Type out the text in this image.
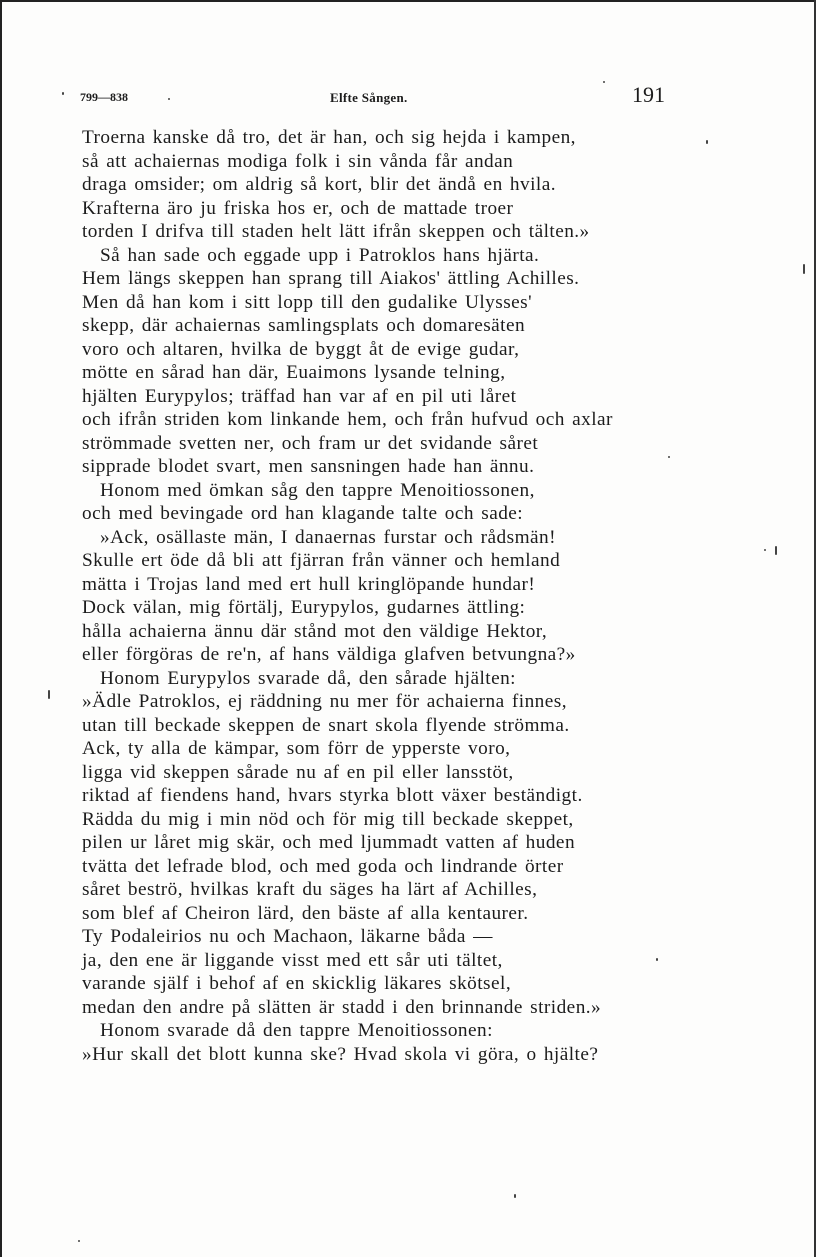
799—838	Elfte Sången.	191
Troerna kanske då tro, det är han, och sig hejda i kampen,
så att achaiernas modiga folk i sin vånda får andan
draga omsider; om aldrig så kort, blir det ändå en hvila.
Krafterna äro ju friska hos er, och de mattade troer
torden I drifva till staden helt lätt ifrån skeppen och tälten.»
Så han sade och eggade upp i Patroklos hans hjärta.
Hem längs skeppen han sprang till Aiakos' ättling Achilles.
Men då han kom i sitt lopp till den gudalike Ulysses'
skepp, där achaiernas samlingsplats och domaresäten
voro och altaren, hvilka de byggt åt de evige gudar,
mötte en sårad han där, Euaimons lysande telning,
hjälten Eurypylos; träffad han var af en pil uti låret
och ifrån striden kom linkande hem, och från hufvud och axlar
strömmade svetten ner, och fram ur det svidande såret
sipprade blodet svart, men sansningen hade han ännu.
Honom med ömkan såg den tappre Menoitiossonen,
och med bevingade ord han klagande talte och sade:
»Ack, osällaste män, I danaernas furstar och rådsmän!
Skulle ert öde då bli att fjärran från vänner och hemland
mätta i Trojas land med ert hull kringlöpande hundar!
Dock välan, mig förtälj, Eurypylos, gudarnes ättling:
hålla achaierna ännu där stånd mot den väldige Hektor,
eller förgöras de re'n, af hans väldiga glafven betvungna?»
Honom Eurypylos svarade då, den sårade hjälten:
»Ädle Patroklos, ej räddning nu mer för achaierna finnes,
utan till beckade skeppen de snart skola flyende strömma.
Ack, ty alla de kämpar, som förr de ypperste voro,
ligga vid skeppen sårade nu af en pil eller lansstöt,
riktad af fiendens hand, hvars styrka blott växer beständigt.
Rädda du mig i min nöd och för mig till beckade skeppet,
pilen ur låret mig skär, och med ljummadt vatten af huden
tvätta det lefrade blod, och med goda och lindrande örter
såret beströ, hvilkas kraft du säges ha lärt af Achilles,
som blef af Cheiron lärd, den bäste af alla kentaurer.
Ty Podaleirios nu och Machaon, läkarne båda —
ja, den ene är liggande visst med ett sår uti tältet,
varande själf i behof af en skicklig läkares skötsel,
medan den andre på slätten är stadd i den brinnande striden.»
Honom svarade då den tappre Menoitiossonen:
»Hur skall det blott kunna ske? Hvad skola vi göra, o hjälte?
